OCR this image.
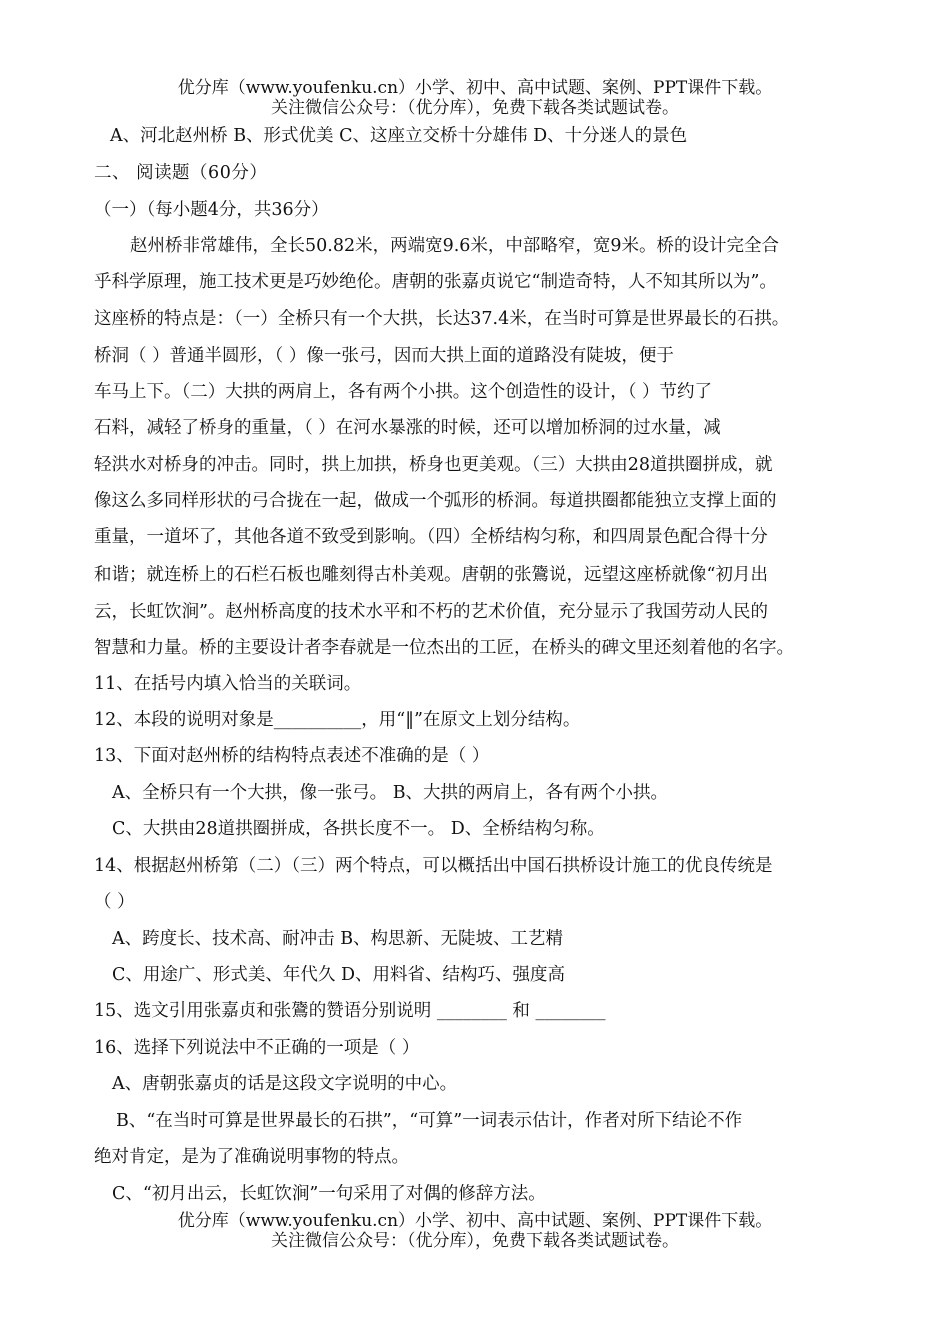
优分库（www.youfenku.cn）小学、初中、高中试题、案例、PPT课件下载。
关注微信公众号：（优分库），免费下载各类试题试卷。
A、河北赵州桥 B、形式优美 C、这座立交桥十分雄伟 D、十分迷人的景色
二、 阅读题（60分）
（一）（每小题4分，共36分）
赵州桥非常雄伟，全长50.82米，两端宽9.6米，中部略窄，宽9米。桥的设计完全合
乎科学原理，施工技术更是巧妙绝伦。唐朝的张嘉贞说它“制造奇特，人不知其所以为”。
这座桥的特点是：（一）全桥只有一个大拱，长达37.4米，在当时可算是世界最长的石拱。
桥洞（ ）普通半圆形，（ ）像一张弓，因而大拱上面的道路没有陡坡，便于
车马上下。（二）大拱的两肩上，各有两个小拱。这个创造性的设计，（ ）节约了
石料，减轻了桥身的重量，（ ）在河水暴涨的时候，还可以增加桥洞的过水量，减
轻洪水对桥身的冲击。同时，拱上加拱，桥身也更美观。（三）大拱由28道拱圈拼成，就
像这么多同样形状的弓合拢在一起，做成一个弧形的桥洞。每道拱圈都能独立支撑上面的
重量，一道坏了，其他各道不致受到影响。（四）全桥结构匀称，和四周景色配合得十分
和谐；就连桥上的石栏石板也雕刻得古朴美观。唐朝的张鷟说，远望这座桥就像“初月出
云，长虹饮涧”。赵州桥高度的技术水平和不朽的艺术价值，充分显示了我国劳动人民的
智慧和力量。桥的主要设计者李春就是一位杰出的工匠，在桥头的碑文里还刻着他的名字。
11、在括号内填入恰当的关联词。
12、本段的说明对象是__________，用“‖”在原文上划分结构。
13、下面对赵州桥的结构特点表述不准确的是（ ）
A、全桥只有一个大拱，像一张弓。 B、大拱的两肩上，各有两个小拱。
C、大拱由28道拱圈拼成，各拱长度不一。 D、全桥结构匀称。
14、根据赵州桥第（二）（三）两个特点，可以概括出中国石拱桥设计施工的优良传统是
（ ）
A、跨度长、技术高、耐冲击 B、构思新、无陡坡、工艺精
C、用途广、形式美、年代久 D、用料省、结构巧、强度高
15、选文引用张嘉贞和张鷟的赞语分别说明 ________ 和 ________
16、选择下列说法中不正确的一项是（ ）
A、唐朝张嘉贞的话是这段文字说明的中心。
B、“在当时可算是世界最长的石拱”，“可算”一词表示估计，作者对所下结论不作
绝对肯定，是为了准确说明事物的特点。
C、“初月出云，长虹饮涧”一句采用了对偶的修辞方法。
优分库（www.youfenku.cn）小学、初中、高中试题、案例、PPT课件下载。
关注微信公众号：（优分库），免费下载各类试题试卷。
